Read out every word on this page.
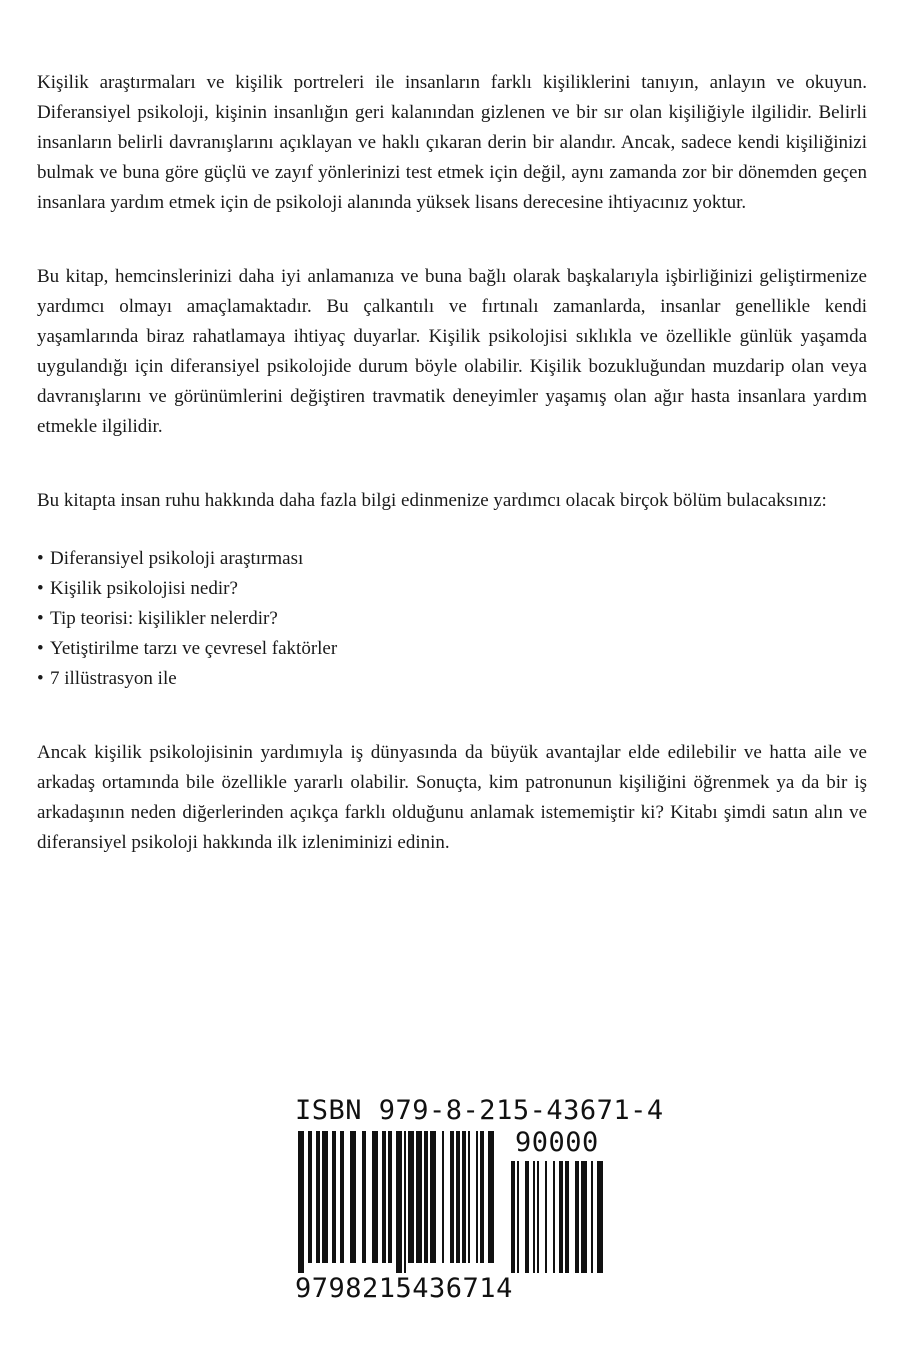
Kişilik araştırmaları ve kişilik portreleri ile insanların farklı kişiliklerini tanıyın, anlayın ve okuyun. Diferansiyel psikoloji, kişinin insanlığın geri kalanından gizlenen ve bir sır olan kişiliğiyle ilgilidir. Belirli insanların belirli davranışlarını açıklayan ve haklı çıkaran derin bir alandır. Ancak, sadece kendi kişiliğinizi bulmak ve buna göre güçlü ve zayıf yönlerinizi test etmek için değil, aynı zamanda zor bir dönemden geçen insanlara yardım etmek için de psikoloji alanında yüksek lisans derecesine ihtiyacınız yoktur.

Bu kitap, hemcinslerinizi daha iyi anlamanıza ve buna bağlı olarak başkalarıyla işbirliğinizi geliştirmenize yardımcı olmayı amaçlamaktadır. Bu çalkantılı ve fırtınalı zamanlarda, insanlar genellikle kendi yaşamlarında biraz rahatlamaya ihtiyaç duyarlar. Kişilik psikolojisi sıklıkla ve özellikle günlük yaşamda uygulandığı için diferansiyel psikolojide durum böyle olabilir. Kişilik bozukluğundan muzdarip olan veya davranışlarını ve görünümlerini değiştiren travmatik deneyimler yaşamış olan ağır hasta insanlara yardım etmekle ilgilidir.

Bu kitapta insan ruhu hakkında daha fazla bilgi edinmenize yardımcı olacak birçok bölüm bulacaksınız:

• Diferansiyel psikoloji araştırması
• Kişilik psikolojisi nedir?
• Tip teorisi: kişilikler nelerdir?
• Yetiştirilme tarzı ve çevresel faktörler
• 7 illüstrasyon ile

Ancak kişilik psikolojisinin yardımıyla iş dünyasında da büyük avantajlar elde edilebilir ve hatta aile ve arkadaş ortamında bile özellikle yararlı olabilir. Sonuçta, kim patronunun kişiliğini öğrenmek ya da bir iş arkadaşının neden diğerlerinden açıkça farklı olduğunu anlamak istememiştir ki? Kitabı şimdi satın alın ve diferansiyel psikoloji hakkında ilk izleniminizi edinin.

ISBN 979-8-215-43671-4
90000
9798215436714
